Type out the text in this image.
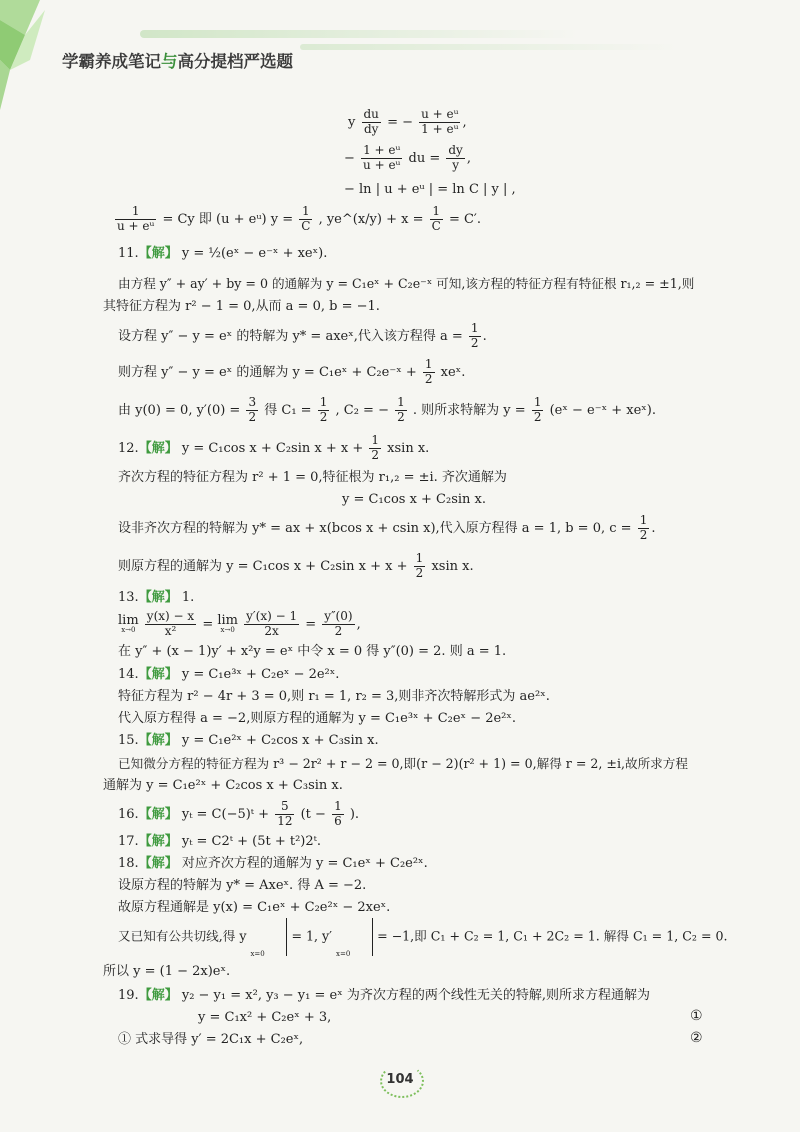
学霸养成笔记与高分提档严选题
y $\frac{du}{dy}$ = − $\frac{\text{u + eᵘ}}{\text{1 + eᵘ}}$ ,
− $\frac{\text{1 + eᵘ}}{\text{u + eᵘ}}$ du = $\frac{dy}{y}$ ,
− ln | u + eᵘ | = ln C | y | ,
$\frac{1}{\text{u + eᵘ}} = Cy$ 即 (u + eᵘ) $y = \frac{1}{C}$ , ye^(x/y) + $x = \frac{1}{C} = C'$.
11.【解】 y = ½(eˣ − e⁻ˣ + xeˣ).
由方程 y″ + ay′ + by = 0 的通解为 y = C₁eˣ + C₂e⁻ˣ 可知,该方程的特征方程有特征根 r₁,₂ = ±1,则
其特征方程为 r² − 1 = 0,从而 a = 0, b = −1.
设方程 y″ − y = eˣ 的特解为 y* = axeˣ,代入该方程得 $a = \frac{1}{2}$ .
则方程 y″ − y = eˣ 的通解为 y = C₁eˣ + C₂e⁻ˣ + $\frac{1}{2}$ xeˣ.
由 y(0) = 0, $y'(0) = \frac{3}{2}$ 得 $C_1 = \frac{1}{2}$ , C₂ = − $\frac{1}{2}$ . 则所求特解为 $y = \frac{1}{2}$ (eˣ − e⁻ˣ + xeˣ).
12.【解】 y = C₁cos x + C₂sin $x + x + \frac{1}{2}$ xsin x.
齐次方程的特征方程为 r² + 1 = 0,特征根为 r₁,₂ = ±i. 齐次通解为
y = C₁cos x + C₂sin x.
设非齐次方程的特解为 y* = ax + x(bcos x + csin x),代入原方程得 a = 1, b = 0, $c = \frac{1}{2}$ .
则原方程的通解为 y = C₁cos x + C₂sin $x + x + \frac{1}{2}$ xsin x.
13.【解】 1.
lim
x→0
$\frac{y(x) - x}{\text{x²}} = \lim$
x→0
$\frac{y'(x) - 1}{2x} = \frac{y''(0)}{2}$ ,
在 y″ + (x − 1)y′ + x²y = eˣ 中令 x = 0 得 y″(0) = 2. 则 a = 1.
14.【解】 y = C₁e³ˣ + C₂eˣ − 2e²ˣ.
特征方程为 r² − 4r + 3 = 0,则 r₁ = 1, r₂ = 3,则非齐次特解形式为 ae²ˣ.
代入原方程得 a = −2,则原方程的通解为 y = C₁e³ˣ + C₂eˣ − 2e²ˣ.
15.【解】 y = C₁e²ˣ + C₂cos x + C₃sin x.
已知微分方程的特征方程为 r³ − 2r² + r − 2 = 0,即(r − 2)(r² + 1) = 0,解得 r = 2, ±i,故所求方程
通解为 y = C₁e²ˣ + C₂cos x + C₃sin x.
16.【解】 yₜ = C(−5)ᵗ + $\frac{5}{12} (t - \frac{1}{6}$ ).
17.【解】 yₜ = C2ᵗ + (5t + t²)2ᵗ.
18.【解】 对应齐次方程的通解为 y = C₁eˣ + C₂e²ˣ.
设原方程的特解为 y* = Axeˣ. 得 A = −2.
故原方程通解是 y(x) = C₁eˣ + C₂e²ˣ − 2xeˣ.
又已知有公共切线,得 y
x=0
= 1, y′
x=0
= −1,即 C₁ + C₂ = 1, C₁ + 2C₂ = 1. 解得 C₁ = 1, C₂ = 0.
所以 y = (1 − 2x)eˣ.
19.【解】 y₂ − y₁ = x², y₃ − y₁ = eˣ 为齐次方程的两个线性无关的特解,则所求方程通解为
y = C₁x² + C₂eˣ + 3,	①
① 式求导得 y′ = 2C₁x + C₂eˣ,	②
104
